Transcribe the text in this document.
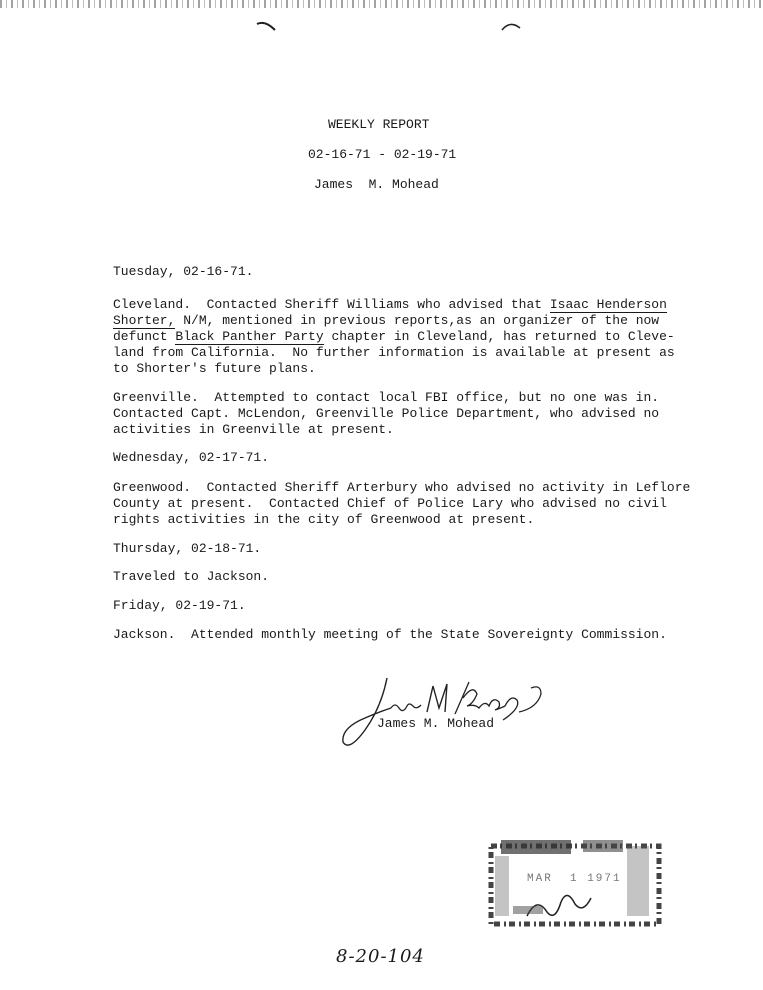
WEEKLY REPORT
02-16-71 - 02-19-71
James  M. Mohead
Tuesday, 02-16-71.
Cleveland.  Contacted Sheriff Williams who advised that Isaac Henderson
Shorter, N/M, mentioned in previous reports,as an organizer of the now
defunct Black Panther Party chapter in Cleveland, has returned to Cleve-
land from California.  No further information is available at present as
to Shorter's future plans.
Greenville.  Attempted to contact local FBI office, but no one was in.
Contacted Capt. McLendon, Greenville Police Department, who advised no
activities in Greenville at present.
Wednesday, 02-17-71.
Greenwood.  Contacted Sheriff Arterbury who advised no activity in Leflore
County at present.  Contacted Chief of Police Lary who advised no civil
rights activities in the city of Greenwood at present.
Thursday, 02-18-71.
Traveled to Jackson.
Friday, 02-19-71.
Jackson.  Attended monthly meeting of the State Sovereignty Commission.
James M Mohead
James M. Mohead
MAR  1 1971
8-20-104
